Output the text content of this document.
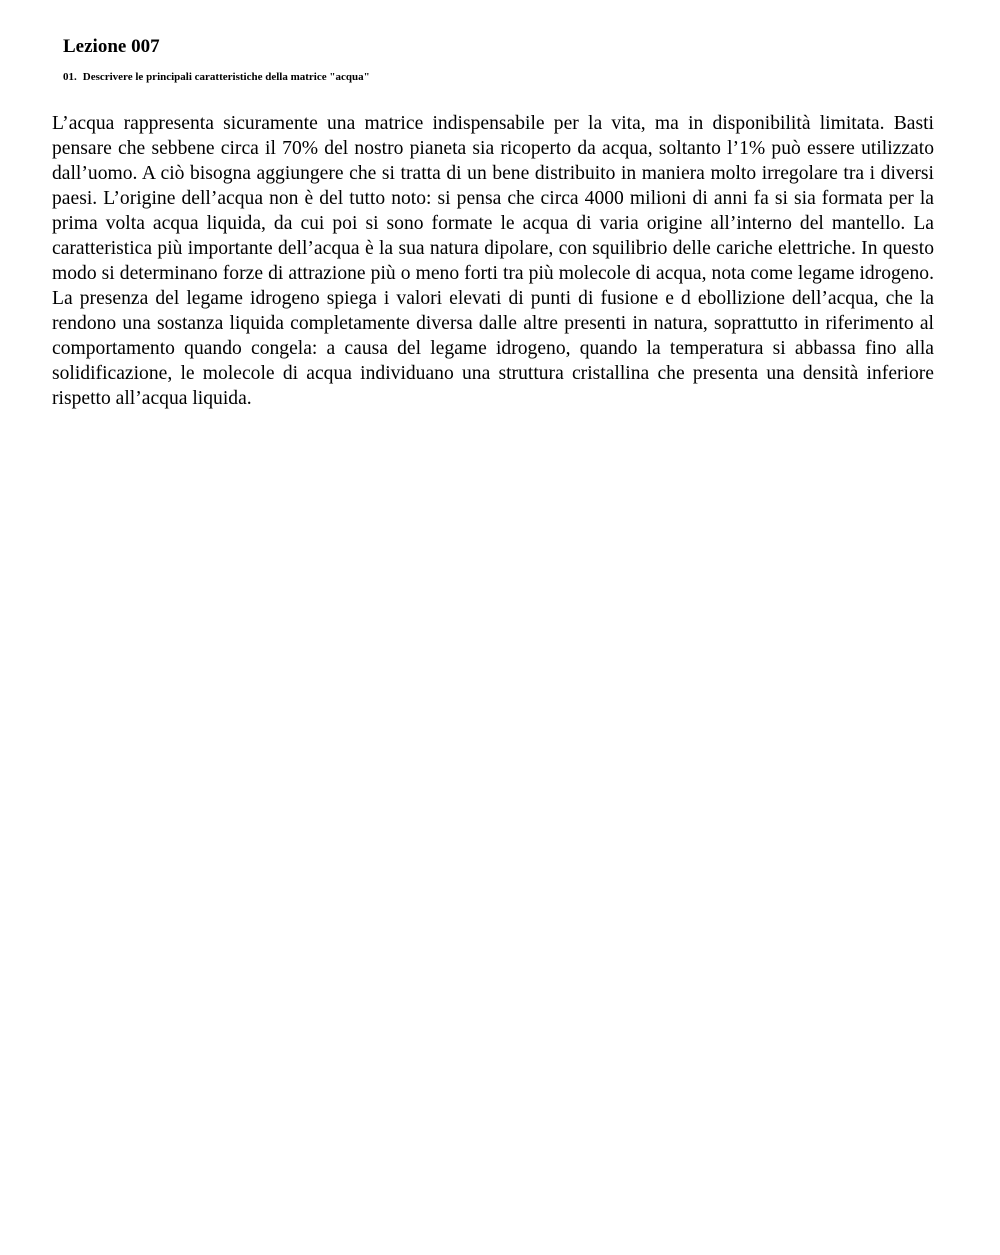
Lezione 007
01. Descrivere le principali caratteristiche della matrice "acqua"

L’acqua rappresenta sicuramente una matrice indispensabile per la vita, ma in disponibilità limitata. Basti pensare che sebbene circa il 70% del nostro pianeta sia ricoperto da acqua, soltanto l’1% può essere utilizzato dall’uomo. A ciò bisogna aggiungere che si tratta di un bene distribuito in maniera molto irregolare tra i diversi paesi. L’origine dell’acqua non è del tutto noto: si pensa che circa 4000 milioni di anni fa si sia formata per la prima volta acqua liquida, da cui poi si sono formate le acqua di varia origine all’interno del mantello. La caratteristica più importante dell’acqua è la sua natura dipolare, con squilibrio delle cariche elettriche. In questo modo si determinano forze di attrazione più o meno forti tra più molecole di acqua, nota come legame idrogeno. La presenza del legame idrogeno spiega i valori elevati di punti di fusione e d ebollizione dell’acqua, che la rendono una sostanza liquida completamente diversa dalle altre presenti in natura, soprattutto in riferimento al comportamento quando congela: a causa del legame idrogeno, quando la temperatura si abbassa fino alla solidificazione, le molecole di acqua individuano una struttura cristallina che presenta una densità inferiore rispetto all’acqua liquida.
